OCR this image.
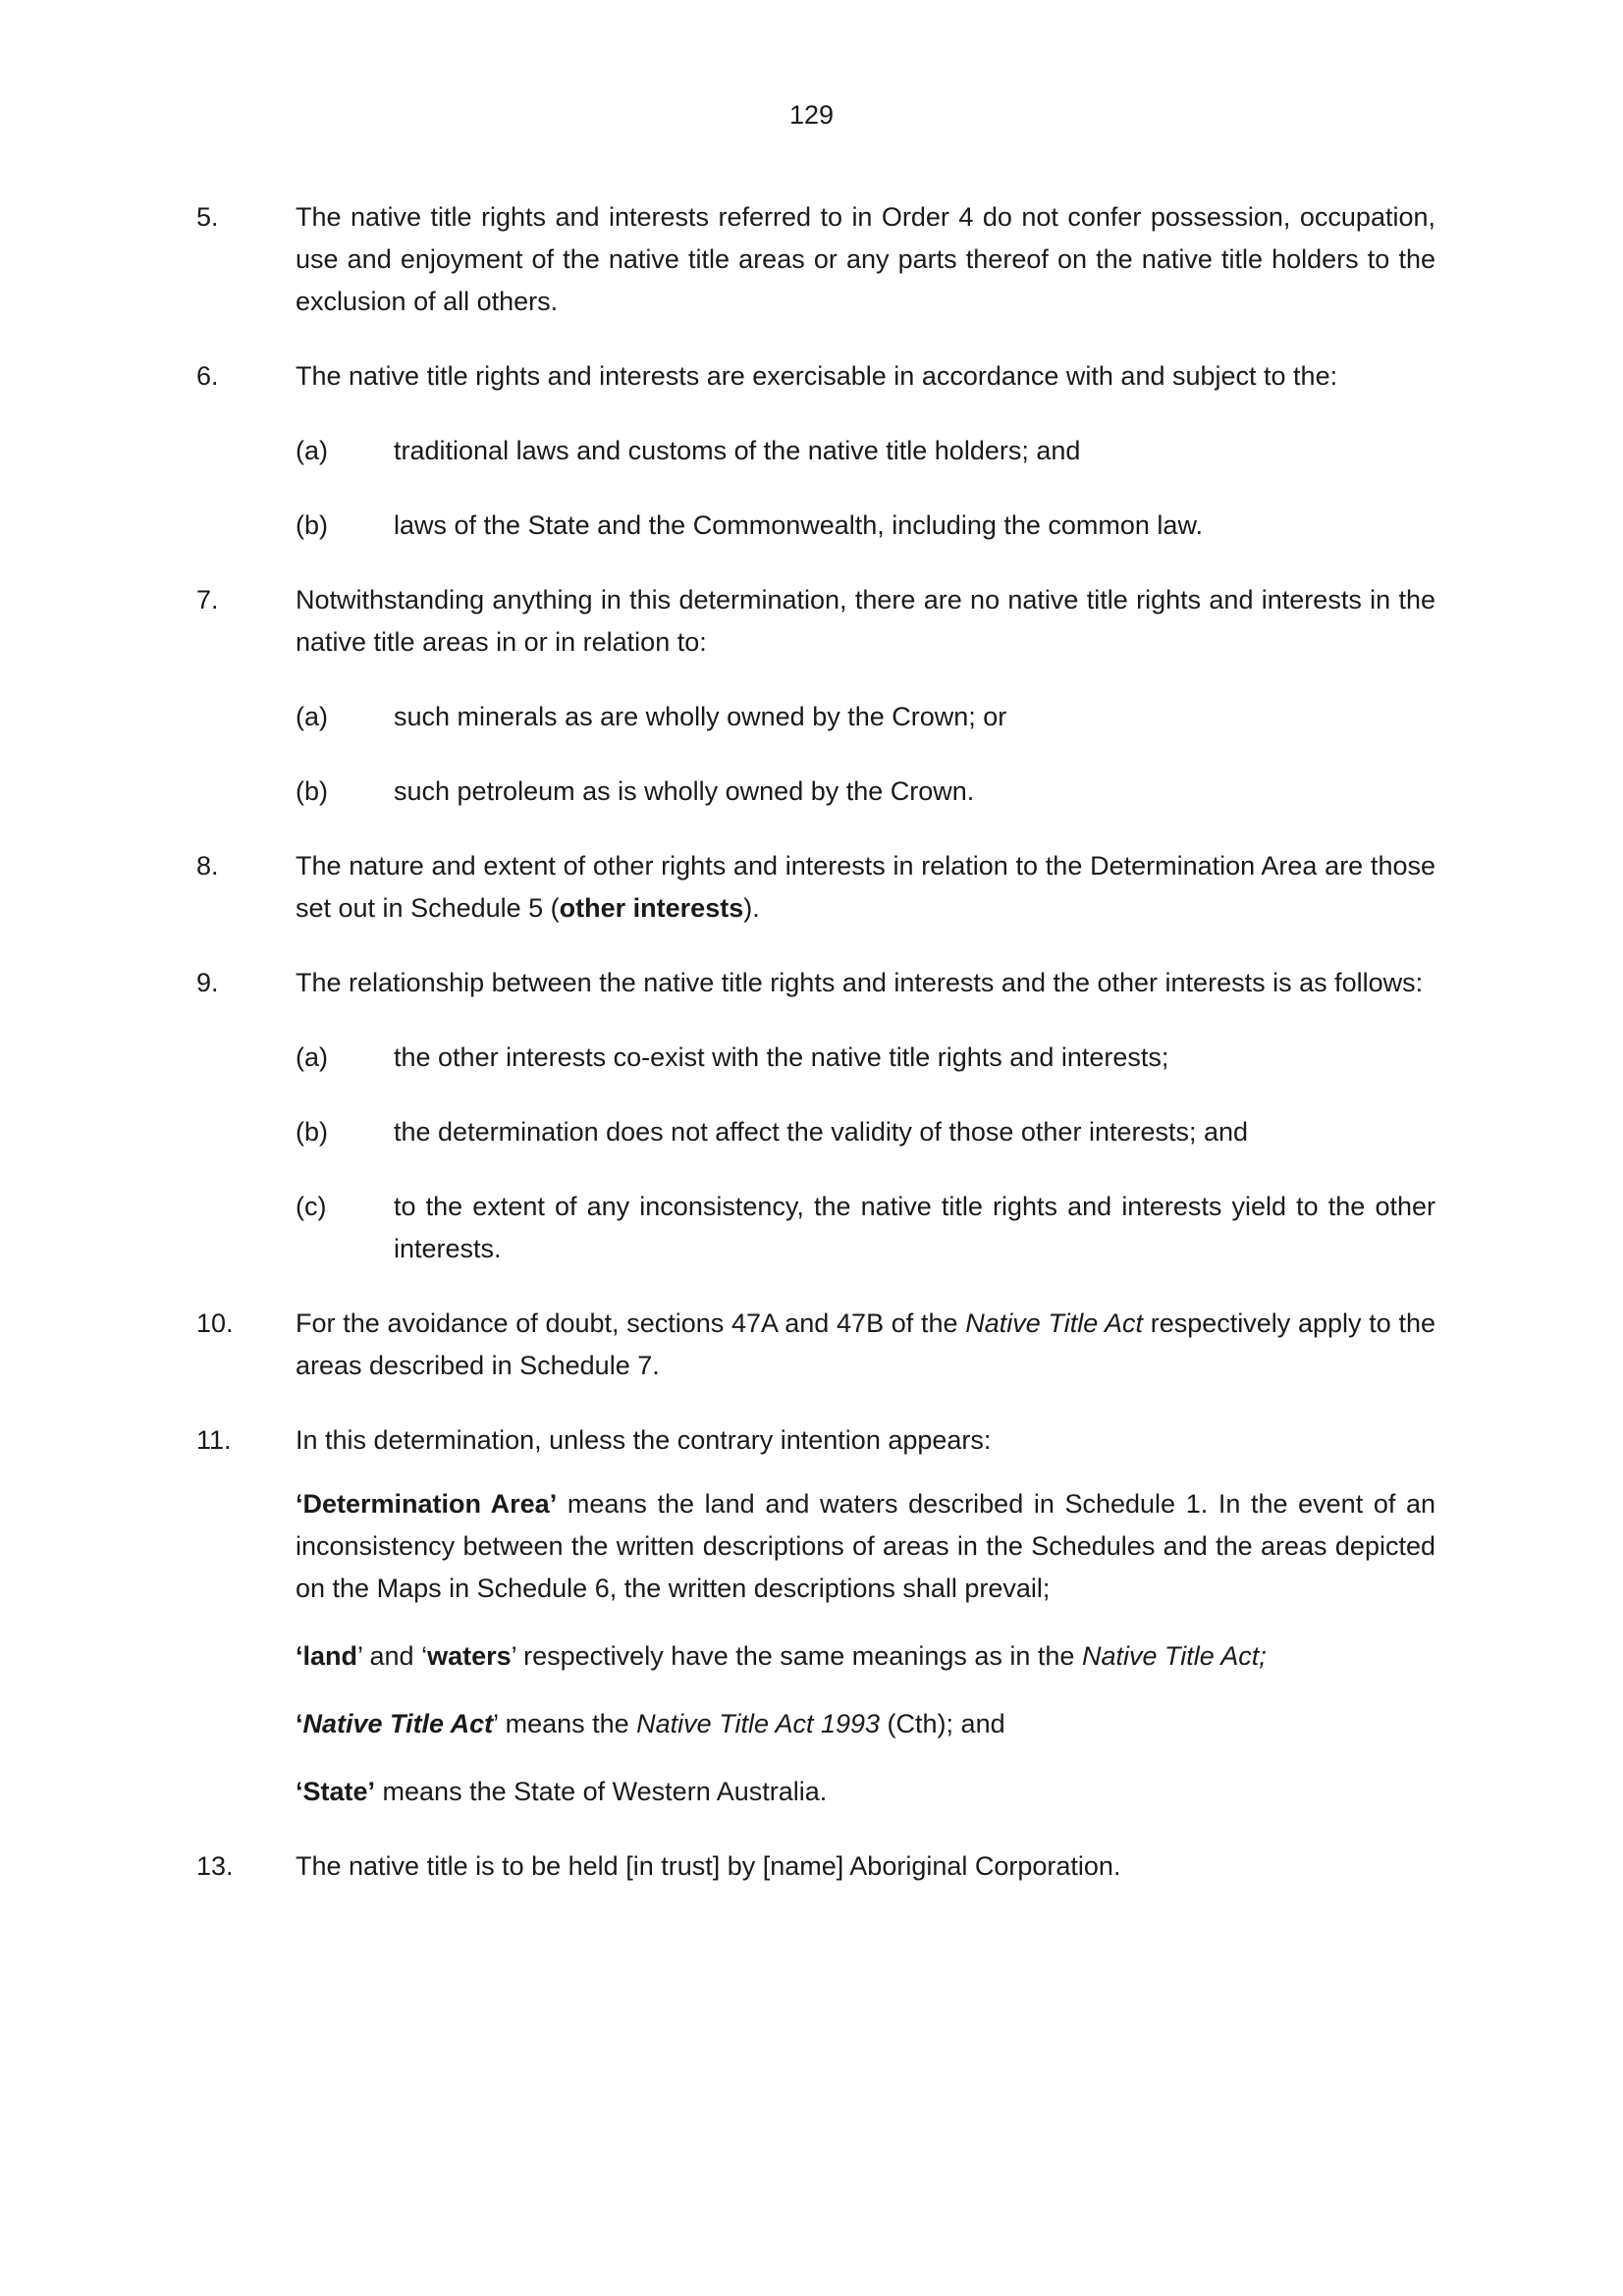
129
5.	The native title rights and interests referred to in Order 4 do not confer possession, occupation, use and enjoyment of the native title areas or any parts thereof on the native title holders to the exclusion of all others.
6.	The native title rights and interests are exercisable in accordance with and subject to the:
(a) traditional laws and customs of the native title holders; and
(b) laws of the State and the Commonwealth, including the common law.
7.	Notwithstanding anything in this determination, there are no native title rights and interests in the native title areas in or in relation to:
(a) such minerals as are wholly owned by the Crown; or
(b) such petroleum as is wholly owned by the Crown.
8.	The nature and extent of other rights and interests in relation to the Determination Area are those set out in Schedule 5 (other interests).
9.	The relationship between the native title rights and interests and the other interests is as follows:
(a) the other interests co-exist with the native title rights and interests;
(b) the determination does not affect the validity of those other interests; and
(c)	to the extent of any inconsistency, the native title rights and interests yield to the other interests.
10. For the avoidance of doubt, sections 47A and 47B of the Native Title Act respectively apply to the areas described in Schedule 7.
11. In this determination, unless the contrary intention appears:
‘Determination Area’ means the land and waters described in Schedule 1. In the event of an inconsistency between the written descriptions of areas in the Schedules and the areas depicted on the Maps in Schedule 6, the written descriptions shall prevail;
‘land’ and ‘waters’ respectively have the same meanings as in the Native Title Act;
‘Native Title Act’ means the Native Title Act 1993 (Cth); and
‘State’ means the State of Western Australia.
13. The native title is to be held [in trust] by [name] Aboriginal Corporation.
